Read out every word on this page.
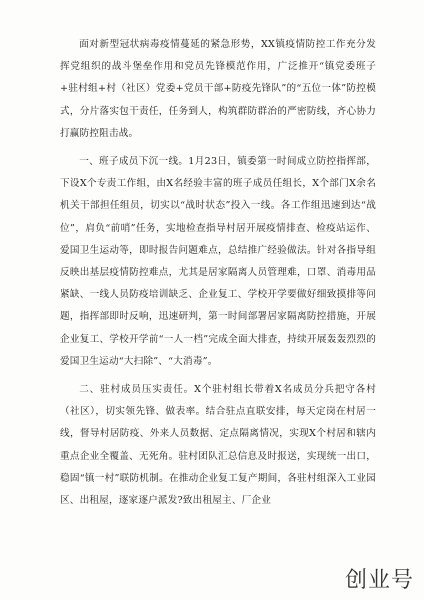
面对新型冠状病毒疫情蔓延的紧急形势，XX镇疫情防控工作充分发挥党组织的战斗堡垒作用和党员先锋模范作用，广泛推开“镇党委班子+驻村组+村（社区）党委+党员干部+防疫先锋队”的“五位一体”防控模式，分片落实包干责任，任务到人，构筑群防群治的严密防线，齐心协力打赢防控阻击战。

一、班子成员下沉一线。1月23日，镇委第一时间成立防控指挥部，下设X个专责工作组，由X名经验丰富的班子成员任组长，X个部门X余名机关干部担任组员，切实以“战时状态”投入一线。各工作组迅速到达“战位”，肩负“前哨”任务，实地检查指导村居开展疫情排查、检疫站运作、爱国卫生运动等，即时报告问题难点，总结推广经验做法。针对各指导组反映出基层疫情防控难点，尤其是居家隔离人员管理难，口罩、消毒用品紧缺、一线人员防疫培训缺乏、企业复工、学校开学要做好细致摸排等问题，指挥部即时反响，迅速研判，第一时间部署居家隔离防控措施，开展企业复工、学校开学前“一人一档”完成全面大排查，持续开展轰轰烈烈的爱国卫生运动“大扫除”、“大消毒”。

二、驻村成员压实责任。X个驻村组长带着X名成员分兵把守各村（社区），切实领先锋、做表率。结合驻点直联安排，每天定岗在村居一线，督导村居防疫、外来人员数据、定点隔离情况，实现X个村居和辖内重点企业全覆盖、无死角。驻村团队汇总信息及时报送，实现统一出口，稳固“镇一村”联防机制。在推动企业复工复产期间，各驻村组深入工业园区、出租屋，逐家逐户派发?致出租屋主、厂企业

创业号
